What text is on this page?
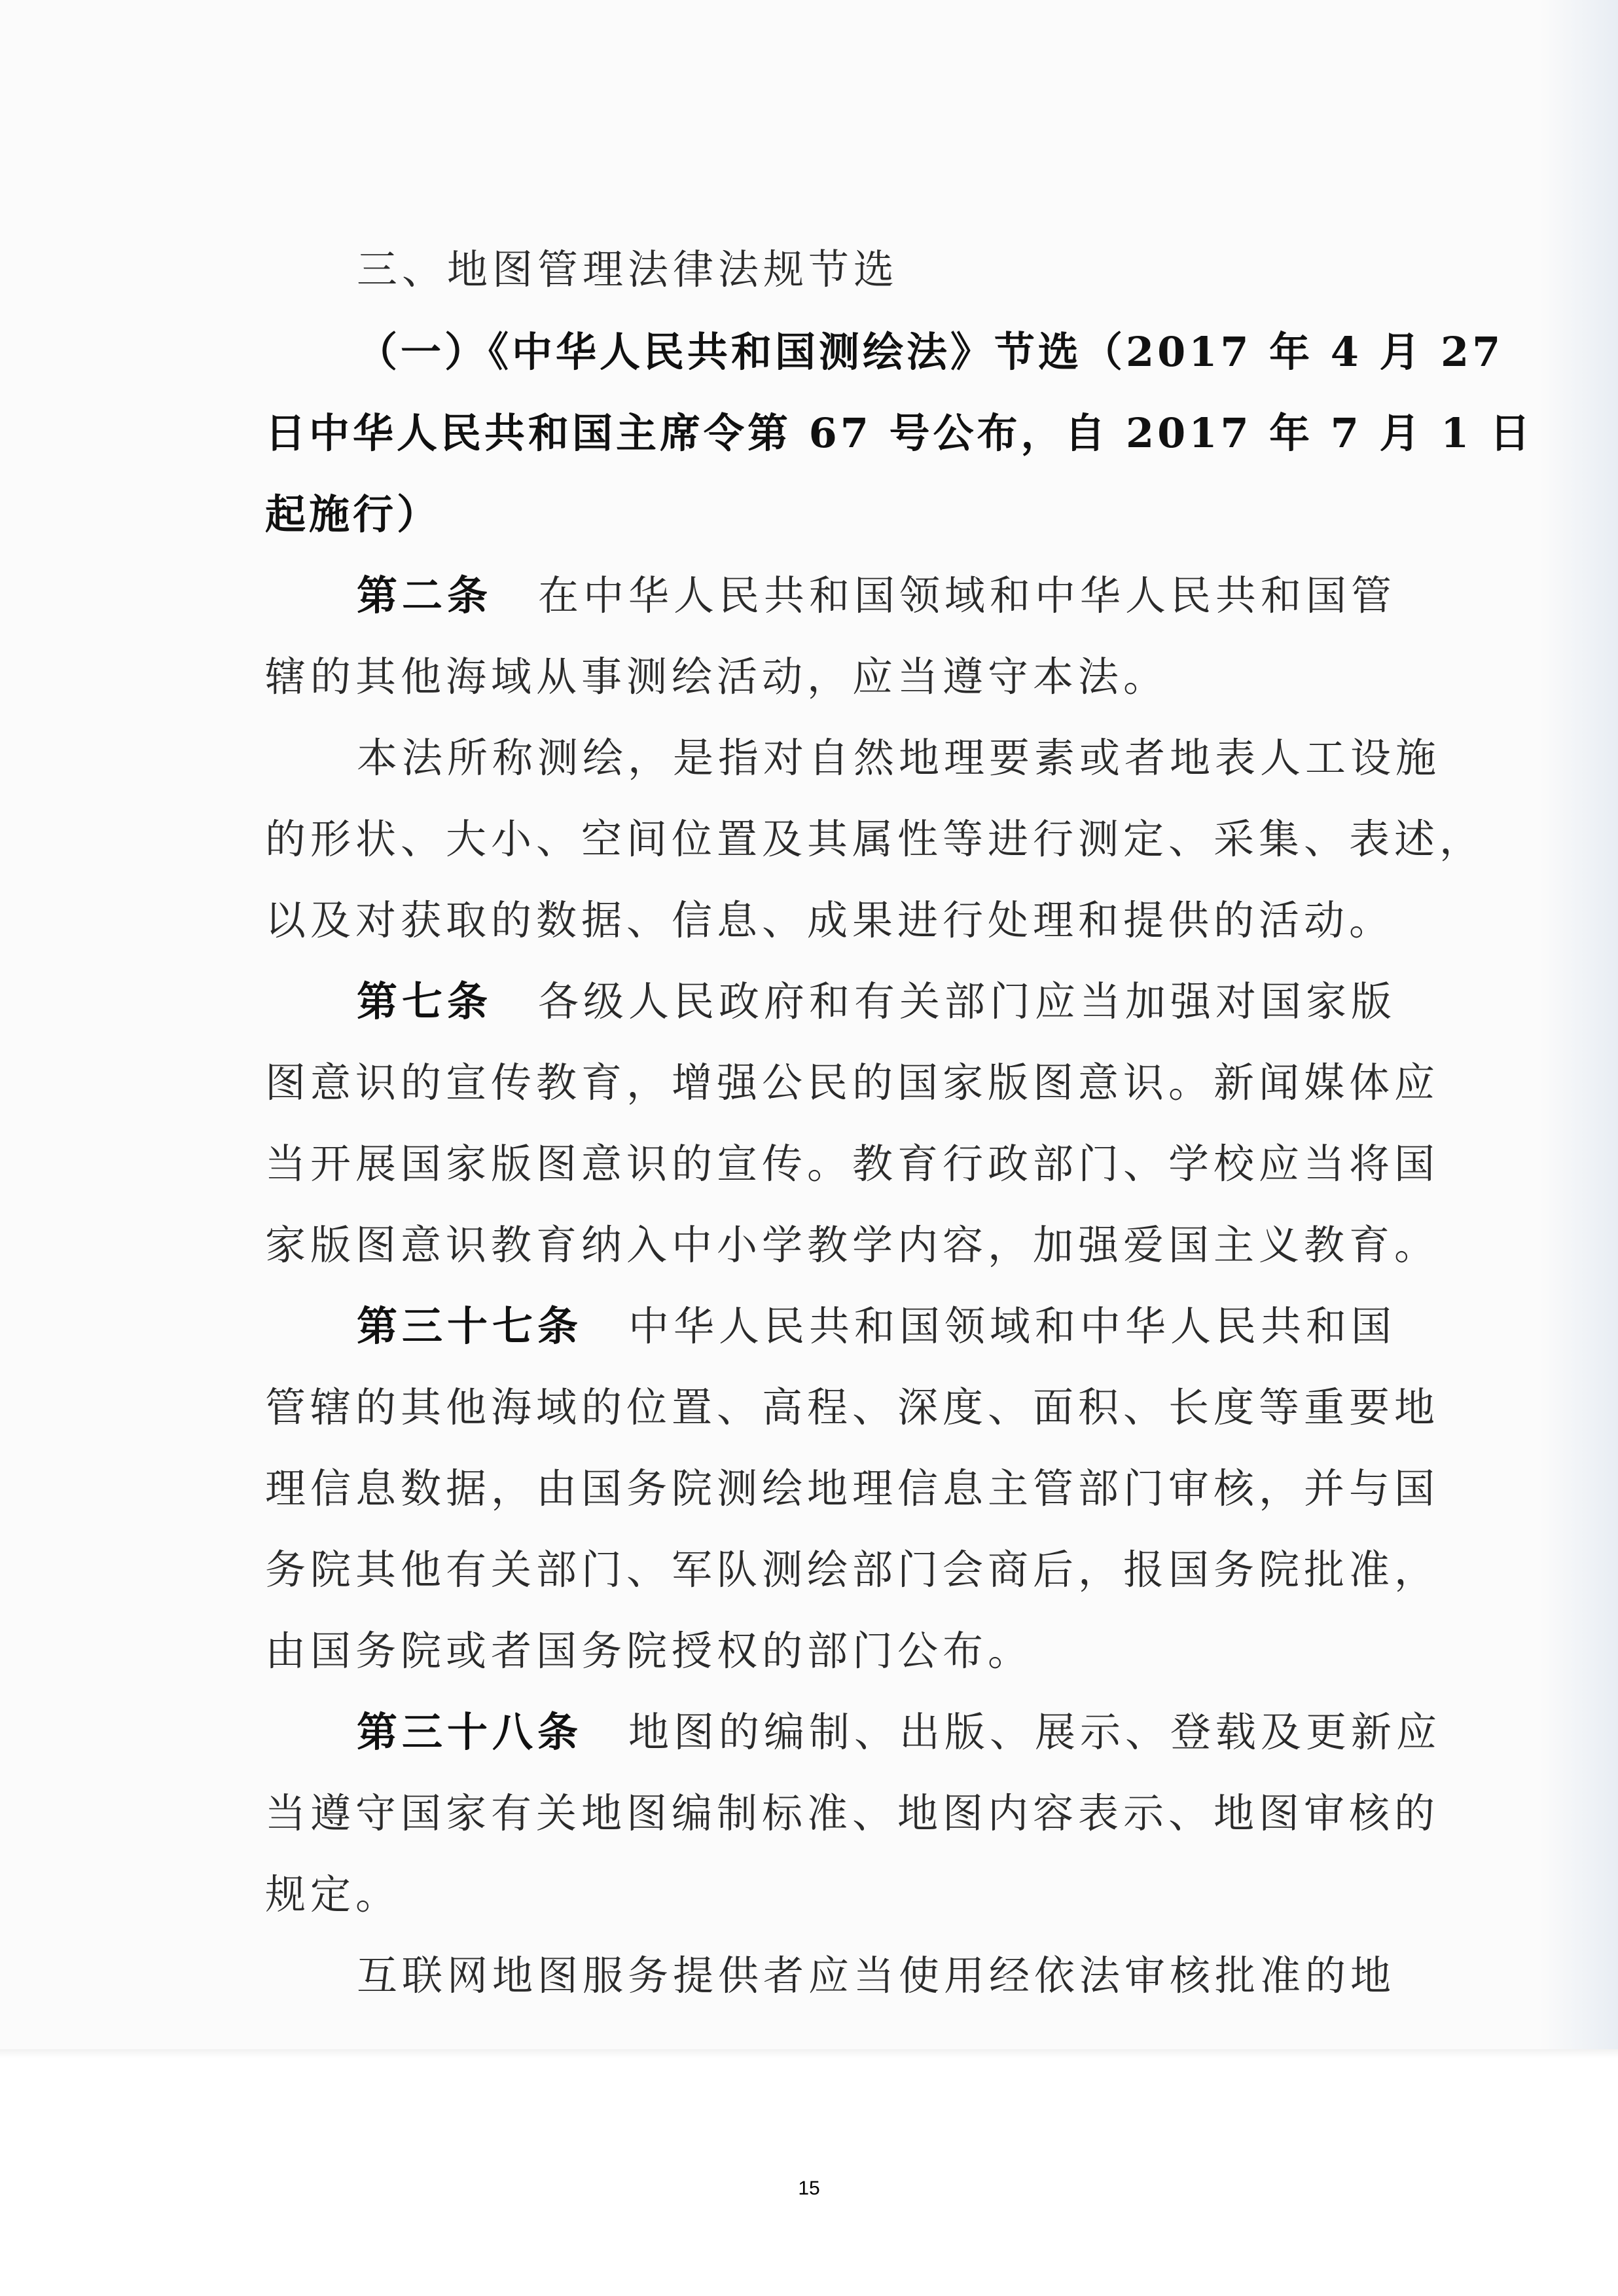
三、地图管理法律法规节选
（一）《中华人民共和国测绘法》节选（2017 年 4 月 27
日中华人民共和国主席令第 67 号公布，自 2017 年 7 月 1 日
起施行）
第二条 在中华人民共和国领域和中华人民共和国管
辖的其他海域从事测绘活动，应当遵守本法。
本法所称测绘，是指对自然地理要素或者地表人工设施
的形状、大小、空间位置及其属性等进行测定、采集、表述，
以及对获取的数据、信息、成果进行处理和提供的活动。
第七条 各级人民政府和有关部门应当加强对国家版
图意识的宣传教育，增强公民的国家版图意识。新闻媒体应
当开展国家版图意识的宣传。教育行政部门、学校应当将国
家版图意识教育纳入中小学教学内容，加强爱国主义教育。
第三十七条 中华人民共和国领域和中华人民共和国
管辖的其他海域的位置、高程、深度、面积、长度等重要地
理信息数据，由国务院测绘地理信息主管部门审核，并与国
务院其他有关部门、军队测绘部门会商后，报国务院批准，
由国务院或者国务院授权的部门公布。
第三十八条 地图的编制、出版、展示、登载及更新应
当遵守国家有关地图编制标准、地图内容表示、地图审核的
规定。
互联网地图服务提供者应当使用经依法审核批准的地
15
